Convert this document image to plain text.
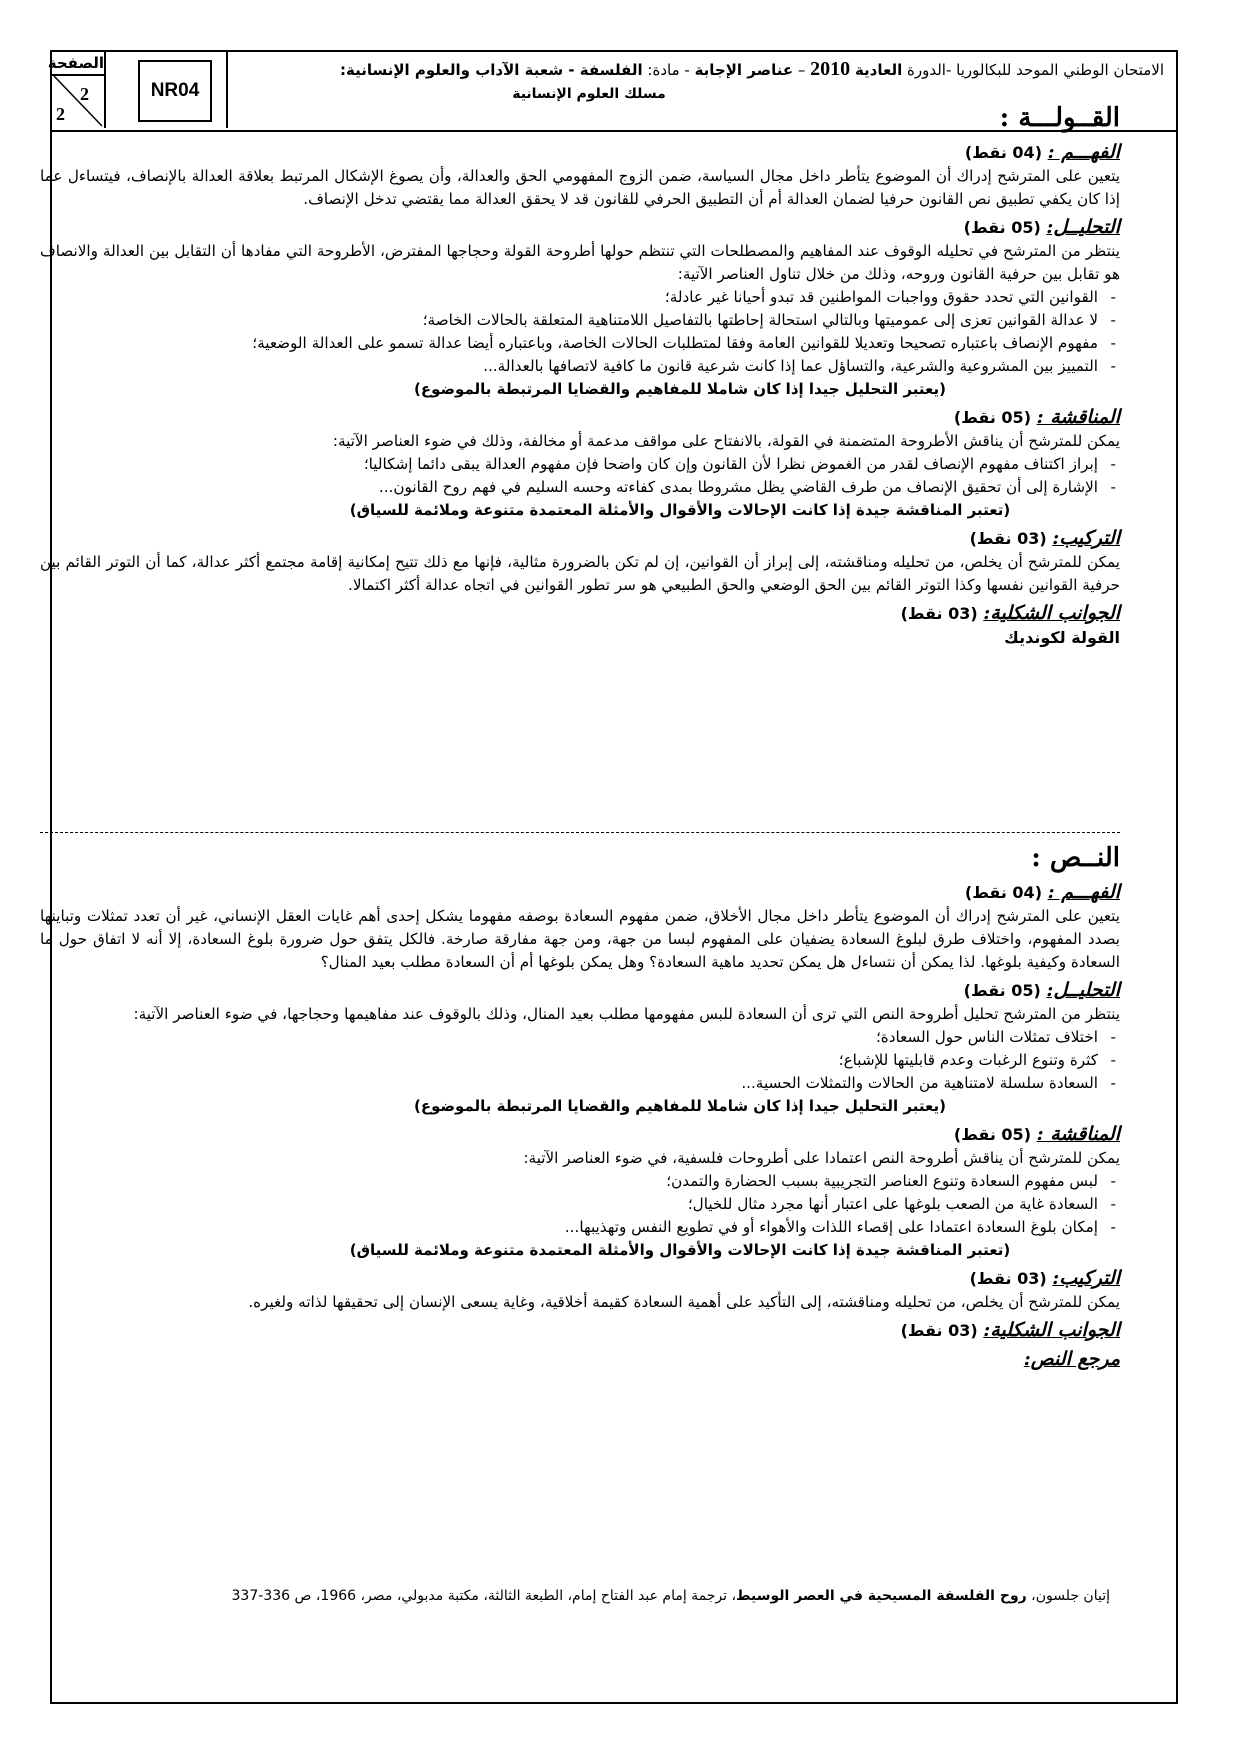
الصفحة
2
2
NR04
الامتحان الوطني الموحد للبكالوريا -الدورة العادية 2010 – عناصر الإجابة - مادة: الفلسفة - شعبة الآداب والعلوم الإنسانية:
مسلك العلوم الإنسانية
القــولـــة :
الفهـــم : (04 نقط)

يتعين على المترشح إدراك أن الموضوع يتأطر داخل مجال السياسة، ضمن الزوج المفهومي الحق والعدالة، وأن يصوغ الإشكال المرتبط بعلاقة العدالة بالإنصاف، فيتساءل عما إذا كان يكفي تطبيق نص القانون حرفيا لضمان العدالة أم أن التطبيق الحرفي للقانون قد لا يحقق العدالة مما يقتضي تدخل الإنصاف.

التحليــل: (05 نقط)

ينتظر من المترشح في تحليله الوقوف عند المفاهيم والمصطلحات التي تنتظم حولها أطروحة القولة وحجاجها المفترض، الأطروحة التي مفادها أن التقابل بين العدالة والانصاف هو تقابل بين حرفية القانون وروحه، وذلك من خلال تناول العناصر الآتية:

- القوانين التي تحدد حقوق وواجبات المواطنين قد تبدو أحيانا غير عادلة؛
- لا عدالة القوانين تعزى إلى عموميتها وبالتالي استحالة إحاطتها بالتفاصيل اللامتناهية المتعلقة بالحالات الخاصة؛
- مفهوم الإنصاف باعتباره تصحيحا وتعديلا للقوانين العامة وفقا لمتطلبات الحالات الخاصة، وباعتباره أيضا عدالة تسمو على العدالة الوضعية؛
- التمييز بين المشروعية والشرعية، والتساؤل عما إذا كانت شرعية قانون ما كافية لاتصافها بالعدالة...

(يعتبر التحليل جيدا إذا كان شاملا للمفاهيم والقضايا المرتبطة بالموضوع)

المناقشة : (05 نقط)

يمكن للمترشح أن يناقش الأطروحة المتضمنة في القولة، بالانفتاح على مواقف مدعمة أو مخالفة، وذلك في ضوء العناصر الآتية:

- إبراز اكتناف مفهوم الإنصاف لقدر من الغموض نظرا لأن القانون وإن كان واضحا فإن مفهوم العدالة يبقى دائما إشكاليا؛
- الإشارة إلى أن تحقيق الإنصاف من طرف القاضي يظل مشروطا بمدى كفاءته وحسه السليم في فهم روح القانون...

(تعتبر المناقشة جيدة إذا كانت الإحالات والأقوال والأمثلة المعتمدة متنوعة وملائمة للسياق)

التركيب: (03 نقط)

يمكن للمترشح أن يخلص، من تحليله ومناقشته، إلى إبراز أن القوانين، إن لم تكن بالضرورة مثالية، فإنها مع ذلك تتيح إمكانية إقامة مجتمع أكثر عدالة، كما أن التوتر القائم بين حرفية القوانين نفسها وكذا التوتر القائم بين الحق الوضعي والحق الطبيعي هو سر تطور القوانين في اتجاه عدالة أكثر اكتمالا.

الجوانب الشكلية: (03 نقط)

القولة لكونديك

النــص :
الفهـــم : (04 نقط)

يتعين على المترشح إدراك أن الموضوع يتأطر داخل مجال الأخلاق، ضمن مفهوم السعادة بوصفه مفهوما يشكل إحدى أهم غايات العقل الإنساني، غير أن تعدد تمثلات وتباينها بصدد المفهوم، واختلاف طرق لبلوغ السعادة يضفيان على المفهوم لبسا من جهة، ومن جهة مفارقة صارخة. فالكل يتفق حول ضرورة بلوغ السعادة، إلا أنه لا اتفاق حول ما السعادة وكيفية بلوغها. لذا يمكن أن نتساءل هل يمكن تحديد ماهية السعادة؟ وهل يمكن بلوغها أم أن السعادة مطلب بعيد المنال؟

التحليــل: (05 نقط)

ينتظر من المترشح تحليل أطروحة النص التي ترى أن السعادة للبس مفهومها مطلب بعيد المنال، وذلك بالوقوف عند مفاهيمها وحجاجها، في ضوء العناصر الآتية:

- اختلاف تمثلات الناس حول السعادة؛
- كثرة وتنوع الرغبات وعدم قابليتها للإشباع؛
- السعادة سلسلة لامتناهية من الحالات والتمثلات الحسية...

(يعتبر التحليل جيدا إذا كان شاملا للمفاهيم والقضايا المرتبطة بالموضوع)

المناقشة : (05 نقط)

يمكن للمترشح أن يناقش أطروحة النص اعتمادا على أطروحات فلسفية، في ضوء العناصر الآتية:

- لبس مفهوم السعادة وتنوع العناصر التجريبية بسبب الحضارة والتمدن؛
- السعادة غاية من الصعب بلوغها على اعتبار أنها مجرد مثال للخيال؛
- إمكان بلوغ السعادة اعتمادا على إقصاء اللذات والأهواء أو في تطويع النفس وتهذيبها...

(تعتبر المناقشة جيدة إذا كانت الإحالات والأقوال والأمثلة المعتمدة متنوعة وملائمة للسياق)

التركيب: (03 نقط)

يمكن للمترشح أن يخلص، من تحليله ومناقشته، إلى التأكيد على أهمية السعادة كقيمة أخلاقية، وغاية يسعى الإنسان إلى تحقيقها لذاته ولغيره.

الجوانب الشكلية: (03 نقط)
مرجع النص:
إتيان جلسون، روح الفلسفة المسيحية في العصر الوسيط، ترجمة إمام عبد الفتاح إمام، الطبعة الثالثة، مكتبة مدبولي، مصر، 1966، ص 336-337
